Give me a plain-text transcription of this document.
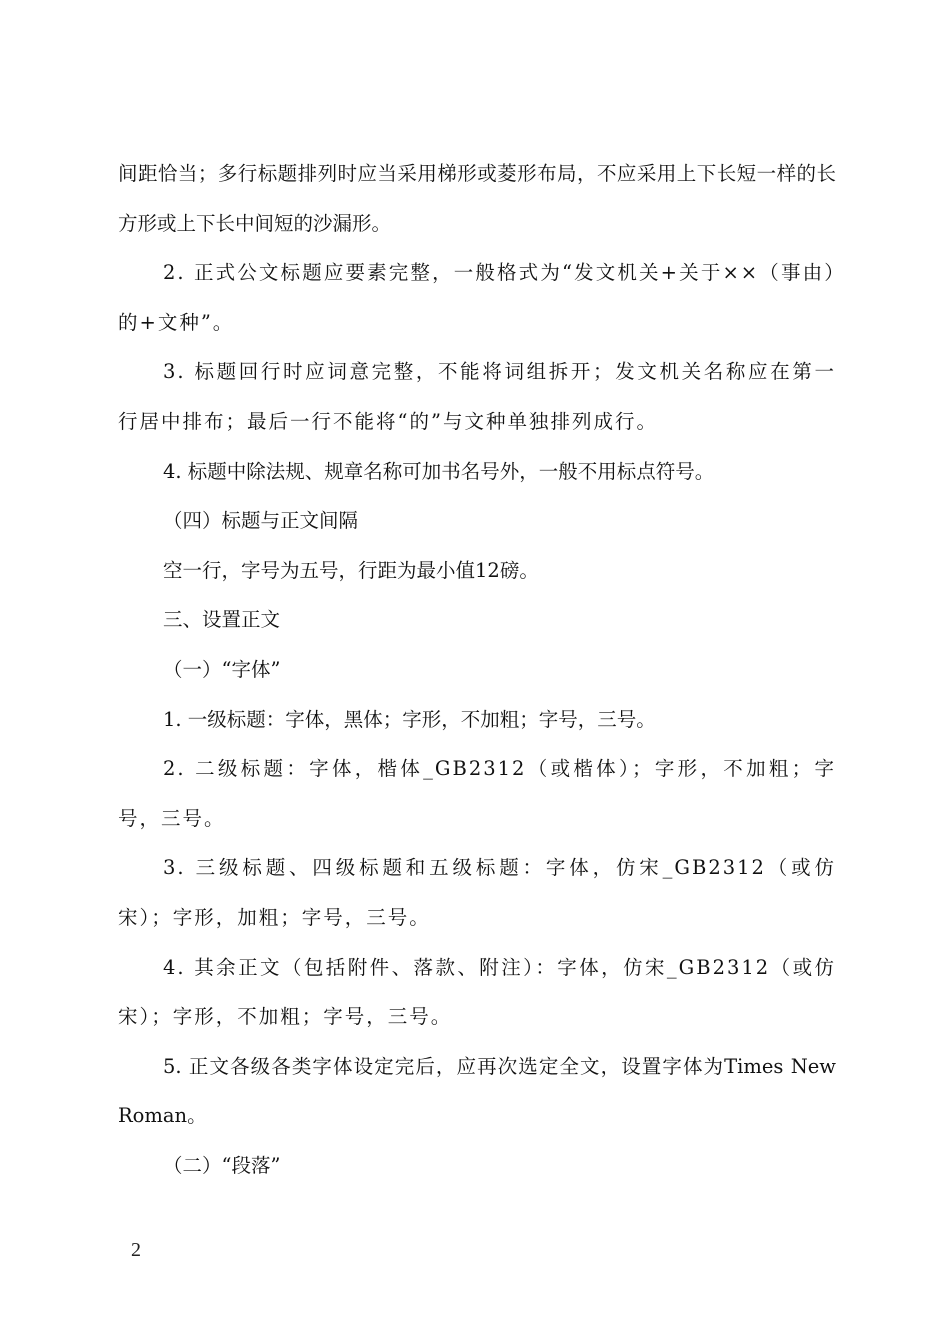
间距恰当；多行标题排列时应当采用梯形或菱形布局，不应采用上下长短一样的长方形或上下长中间短的沙漏形。

2. 正式公文标题应要素完整，一般格式为“发文机关+关于××（事由）的+文种”。

3. 标题回行时应词意完整，不能将词组拆开；发文机关名称应在第一行居中排布；最后一行不能将“的”与文种单独排列成行。

4. 标题中除法规、规章名称可加书名号外，一般不用标点符号。

（四）标题与正文间隔

空一行，字号为五号，行距为最小值12磅。

三、设置正文

（一）“字体”

1. 一级标题：字体，黑体；字形，不加粗；字号，三号。

2. 二级标题：字体，楷体_GB2312（或楷体）；字形，不加粗；字号，三号。

3. 三级标题、四级标题和五级标题：字体，仿宋_GB2312（或仿宋）；字形，加粗；字号，三号。

4. 其余正文（包括附件、落款、附注）：字体，仿宋_GB2312（或仿宋）；字形，不加粗；字号，三号。

5. 正文各级各类字体设定完后，应再次选定全文，设置字体为Times New Roman。

（二）“段落”

2
